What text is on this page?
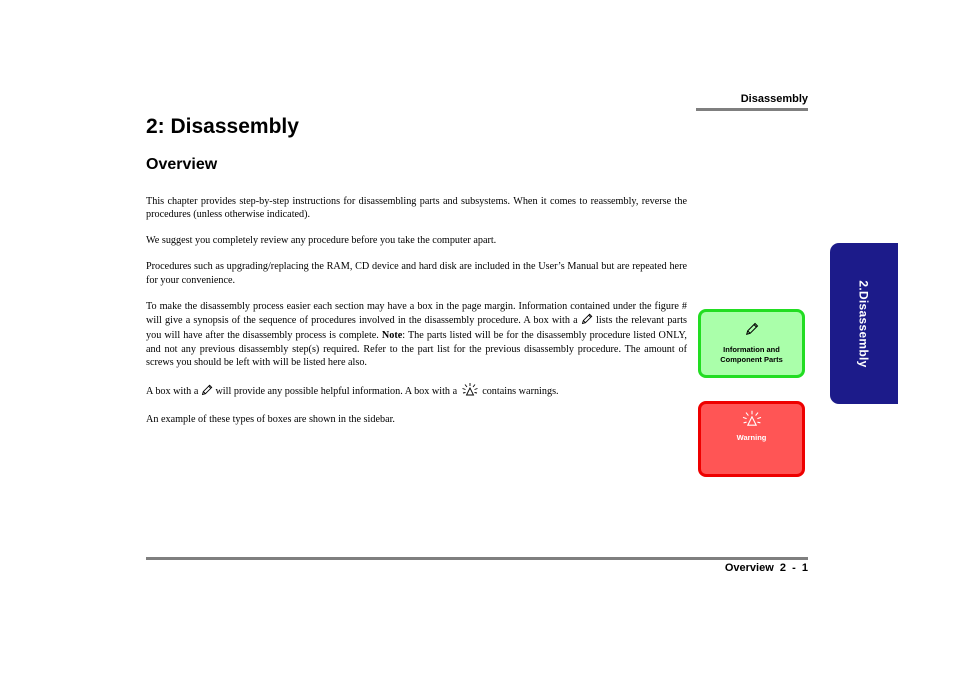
Disassembly
2: Disassembly
Overview

This chapter provides step-by-step instructions for disassembling parts and subsystems. When it comes to reassembly, reverse the procedures (unless otherwise indicated).

We suggest you completely review any procedure before you take the computer apart.

Procedures such as upgrading/replacing the RAM, CD device and hard disk are included in the User’s Manual but are repeated here for your convenience.

To make the disassembly process easier each section may have a box in the page margin. Information contained under the figure # will give a synopsis of the sequence of procedures involved in the disassembly procedure. A box with a lists the relevant parts you will have after the disassembly process is complete. Note: The parts listed will be for the disassembly procedure listed ONLY, and not any previous disassembly step(s) required. Refer to the part list for the previous disassembly procedure. The amount of screws you should be left with will be listed here also.

A box with a will provide any possible helpful information. A box with a contains warnings.

An example of these types of boxes are shown in the sidebar.

2.Disassembly
Information and
Component Parts
Warning
Overview  2  -  1
